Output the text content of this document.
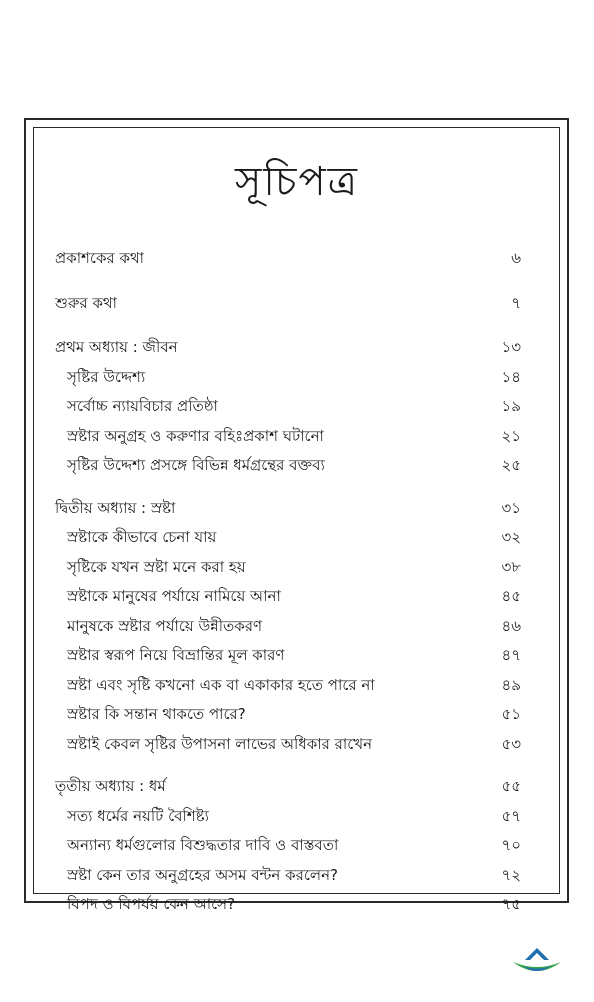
সূচিপত্র
প্রকাশকের কথা	৬
শুরুর কথা	৭
প্রথম অধ্যায় : জীবন	১৩
সৃষ্টির উদ্দেশ্য	১৪
সর্বোচ্চ ন্যায়বিচার প্রতিষ্ঠা	১৯
স্রষ্টার অনুগ্রহ ও করুণার বহিঃপ্রকাশ ঘটানো	২১
সৃষ্টির উদ্দেশ্য প্রসঙ্গে বিভিন্ন ধর্মগ্রন্থের বক্তব্য	২৫
দ্বিতীয় অধ্যায় : স্রষ্টা	৩১
স্রষ্টাকে কীভাবে চেনা যায়	৩২
সৃষ্টিকে যখন স্রষ্টা মনে করা হয়	৩৮
স্রষ্টাকে মানুষের পর্যায়ে নামিয়ে আনা	৪৫
মানুষকে স্রষ্টার পর্যায়ে উন্নীতকরণ	৪৬
স্রষ্টার স্বরূপ নিয়ে বিভ্রান্তির মূল কারণ	৪৭
স্রষ্টা এবং সৃষ্টি কখনো এক বা একাকার হতে পারে না	৪৯
স্রষ্টার কি সন্তান থাকতে পারে?	৫১
স্রষ্টাই কেবল সৃষ্টির উপাসনা লাভের অধিকার রাখেন	৫৩
তৃতীয় অধ্যায় : ধর্ম	৫৫
সত্য ধর্মের নয়টি বৈশিষ্ট্য	৫৭
অন্যান্য ধর্মগুলোর বিশুদ্ধতার দাবি ও বাস্তবতা	৭০
স্রষ্টা কেন তার অনুগ্রহের অসম বন্টন করলেন?	৭২
বিপদ ও বিপর্যয় কেন আসে?	৭৫
